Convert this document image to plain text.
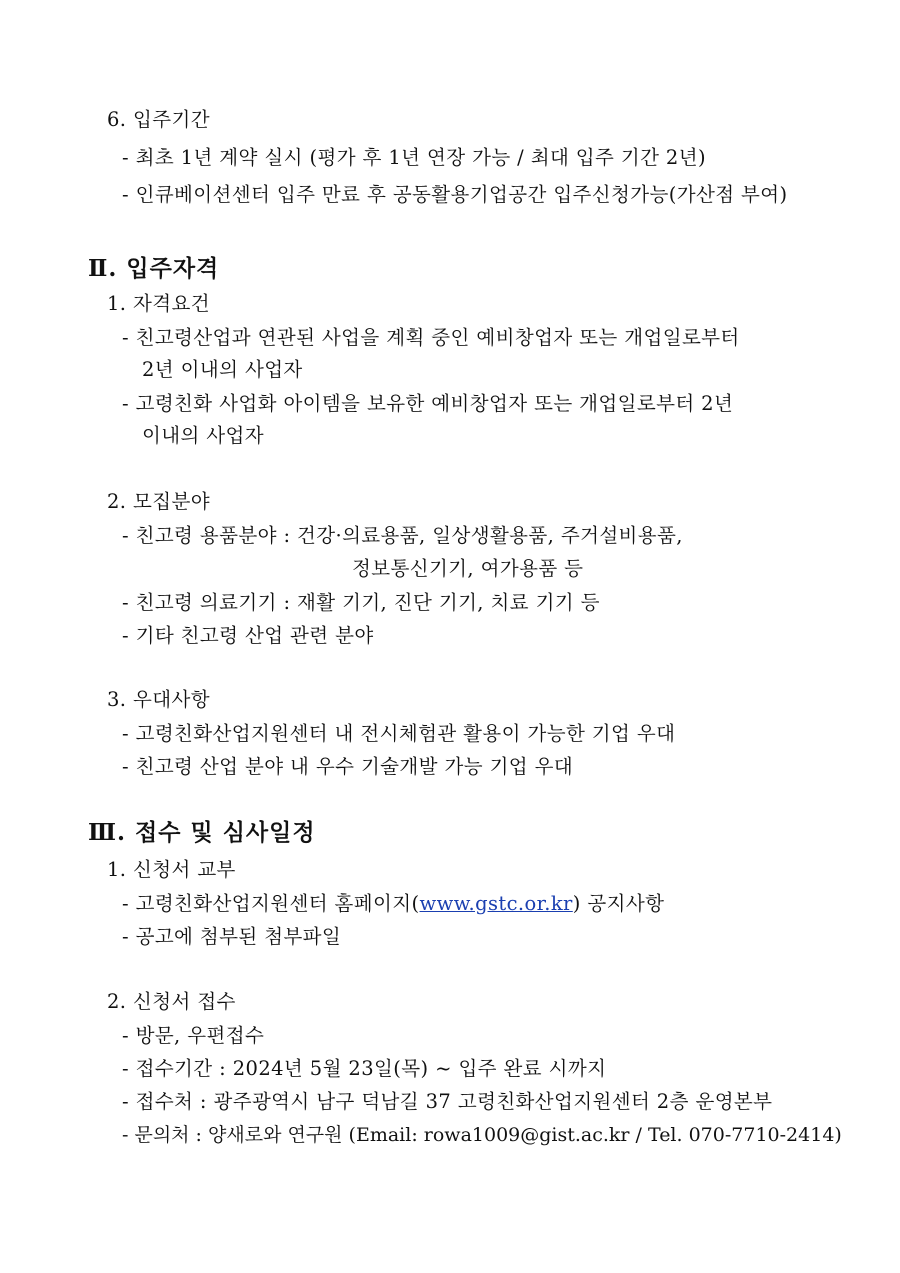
6. 입주기간
- 최초 1년 계약 실시 (평가 후 1년 연장 가능 / 최대 입주 기간 2년)
- 인큐베이션센터 입주 만료 후 공동활용기업공간 입주신청가능(가산점 부여)
Ⅱ. 입주자격
1. 자격요건
- 친고령산업과 연관된 사업을 계획 중인 예비창업자 또는 개업일로부터
2년 이내의 사업자
- 고령친화 사업화 아이템을 보유한 예비창업자 또는 개업일로부터 2년
이내의 사업자
2. 모집분야
- 친고령 용품분야 : 건강·의료용품, 일상생활용품, 주거설비용품,
정보통신기기, 여가용품 등
- 친고령 의료기기 : 재활 기기, 진단 기기, 치료 기기 등
- 기타 친고령 산업 관련 분야
3. 우대사항
- 고령친화산업지원센터 내 전시체험관 활용이 가능한 기업 우대
- 친고령 산업 분야 내 우수 기술개발 가능 기업 우대
Ⅲ. 접수 및 심사일정
1. 신청서 교부
- 고령친화산업지원센터 홈페이지(www.gstc.or.kr) 공지사항
- 공고에 첨부된 첨부파일
2. 신청서 접수
- 방문, 우편접수
- 접수기간 : 2024년 5월 23일(목) ~ 입주 완료 시까지
- 접수처 : 광주광역시 남구 덕남길 37 고령친화산업지원센터 2층 운영본부
- 문의처 : 양새로와 연구원 (Email: rowa1009@gist.ac.kr / Tel. 070-7710-2414)
